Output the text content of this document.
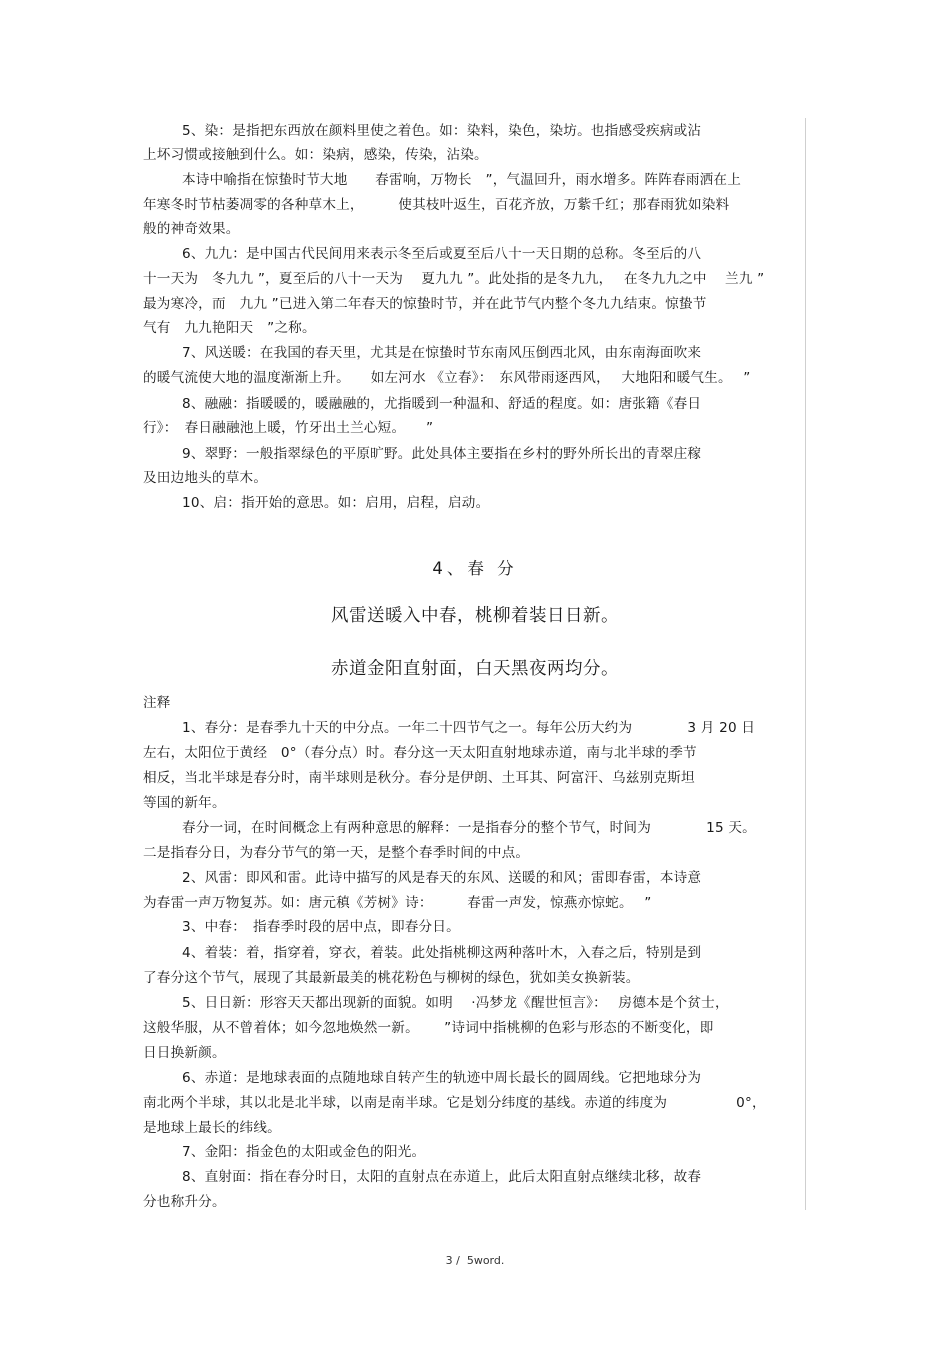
5、染：是指把东西放在颜料里使之着色。如：染料，染色，染坊。也指感受疾病或沾
上坏习惯或接触到什么。如：染病，感染，传染，沾染。
本诗中喻指在惊蛰时节大地　　春雷响，万物长　”，气温回升，雨水增多。阵阵春雨洒在上
年寒冬时节枯萎凋零的各种草木上，　　　使其枝叶返生，百花齐放，万紫千红；那春雨犹如染料
般的神奇效果。
6、九九：是中国古代民间用来表示冬至后或夏至后八十一天日期的总称。冬至后的八
十一天为　冬九九 ”，夏至后的八十一天为　 夏九九 ”。此处指的是冬九九，　 在冬九九之中　 兰九 ”
最为寒冷，而　九九 ”已进入第二年春天的惊蛰时节，并在此节气内整个冬九九结束。惊蛰节
气有　九九艳阳天　”之称。
7、风送暖：在我国的春天里，尤其是在惊蛰时节东南风压倒西北风，由东南海面吹来
的暖气流使大地的温度渐渐上升。　　如左河水 《立春》：　东风带雨逐西风，　 大地阳和暖气生。　 ”
8、融融：指暖暖的，暖融融的，尤指暖到一种温和、舒适的程度。如：唐张籍《春日
行》：　春日融融池上暖，竹牙出土兰心短。　　”
9、翠野：一般指翠绿色的平原旷野。此处具体主要指在乡村的野外所长出的青翠庄稼
及田边地头的草木。
10、启：指开始的意思。如：启用，启程，启动。
4、春 分
风雷送暖入中春，桃柳着装日日新。
赤道金阳直射面，白天黑夜两均分。
注释
1、春分：是春季九十天的中分点。一年二十四节气之一。每年公历大约为　　　　3 月 20 日
左右，太阳位于黄经　0°（春分点）时。春分这一天太阳直射地球赤道，南与北半球的季节
相反，当北半球是春分时，南半球则是秋分。春分是伊朗、土耳其、阿富汗、乌兹别克斯坦
等国的新年。
春分一词，在时间概念上有两种意思的解释：一是指春分的整个节气，时间为　　　　15 天。
二是指春分日，为春分节气的第一天，是整个春季时间的中点。
2、风雷：即风和雷。此诗中描写的风是春天的东风、送暖的和风；雷即春雷，本诗意
为春雷一声万物复苏。如：唐元稹《芳树》诗：　　　春雷一声发，惊燕亦惊蛇。　 ”
3、中春：　指春季时段的居中点，即春分日。
4、着装：着，指穿着，穿衣，着装。此处指桃柳这两种落叶木，入春之后，特别是到
了春分这个节气，展现了其最新最美的桃花粉色与柳树的绿色，犹如美女换新装。
5、日日新：形容天天都出现新的面貌。如明　 ·冯梦龙《醒世恒言》：　 房德本是个贫士，
这般华服，从不曾着体；如今忽地焕然一新。　　 ”诗词中指桃柳的色彩与形态的不断变化，即
日日换新颜。
6、赤道：是地球表面的点随地球自转产生的轨迹中周长最长的圆周线。它把地球分为
南北两个半球，其以北是北半球，以南是南半球。它是划分纬度的基线。赤道的纬度为　　　　　0°，
是地球上最长的纬线。
7、金阳：指金色的太阳或金色的阳光。
8、直射面：指在春分时日，太阳的直射点在赤道上，此后太阳直射点继续北移，故春
分也称升分。
3 /  5word.
